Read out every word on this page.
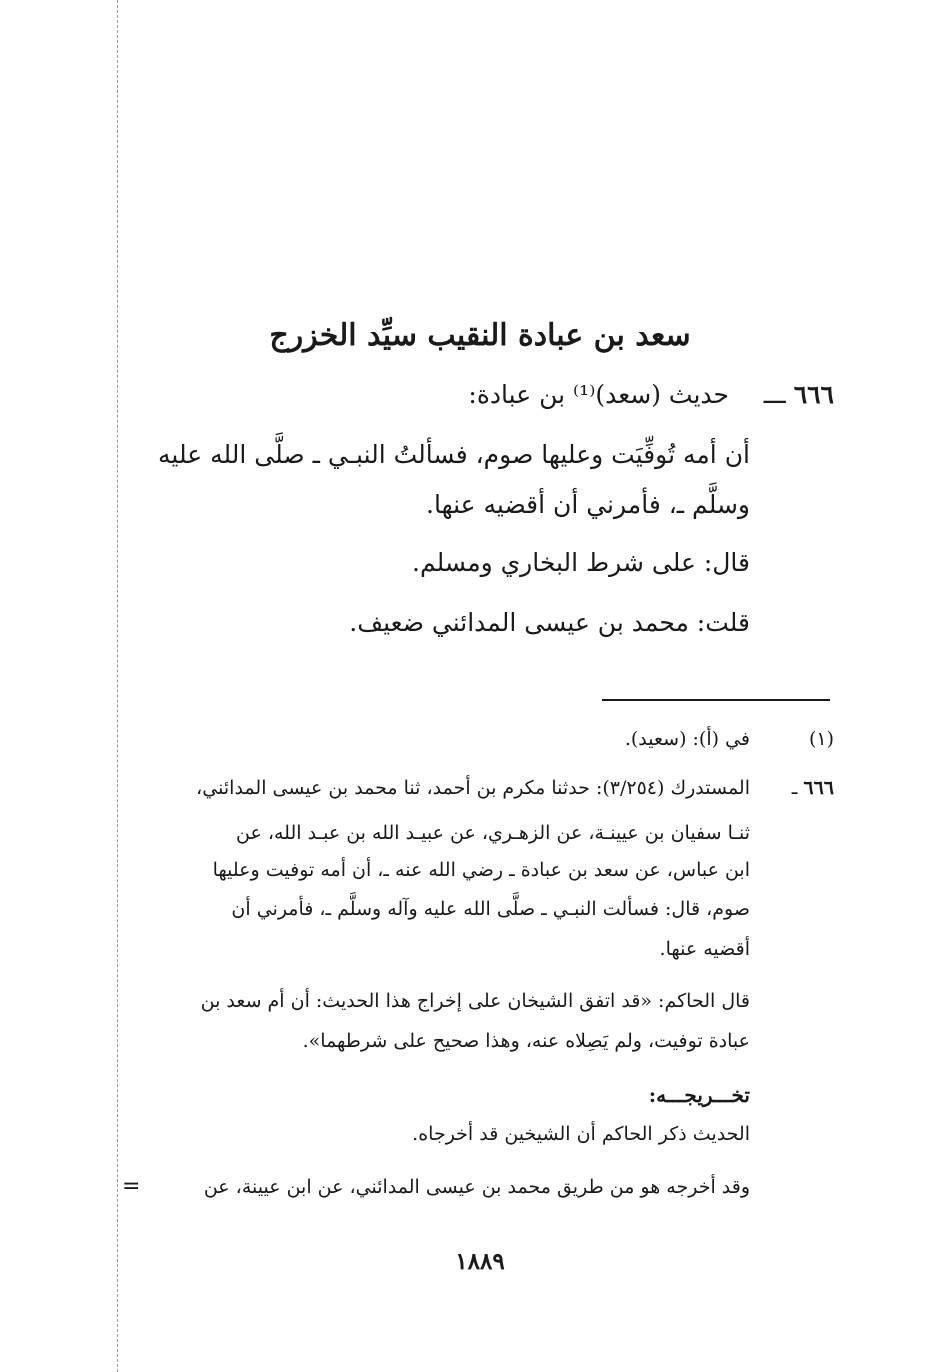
سعد بن عبادة النقيب سيِّد الخزرج
٦٦٦ ـــ
حديث (سعد)⁽¹⁾ بن عبادة:
أن أمه تُوفِّيَت وعليها صوم، فسألتُ النبـي ـ صلَّى الله عليه
وسلَّم ـ، فأمرني أن أقضيه عنها.
قال: على شرط البخاري ومسلم.
قلت: محمد بن عيسى المدائني ضعيف.
(١)
في (أ): (سعيد).
٦٦٦ ـ
المستدرك (٣/٢٥٤): حدثنا مكرم بن أحمد، ثنا محمد بن عيسى المدائني،
ثنـا سفيان بن عيينـة، عن الزهـري، عن عبيـد الله بن عبـد الله، عن
ابن عباس، عن سعد بن عبادة ـ رضي الله عنه ـ، أن أمه توفيت وعليها
صوم، قال: فسألت النبـي ـ صلَّى الله عليه وآله وسلَّم ـ، فأمرني أن
أقضيه عنها.
قال الحاكم: «قد اتفق الشيخان على إخراج هذا الحديث: أن أم سعد بن
عبادة توفيت، ولم يَصِلاه عنه، وهذا صحيح على شرطهما».
تخـــريجـــه:
الحديث ذكر الحاكم أن الشيخين قد أخرجاه.
وقد أخرجه هو من طريق محمد بن عيسى المدائني، عن ابن عيينة، عن
=
١٨٨٩
